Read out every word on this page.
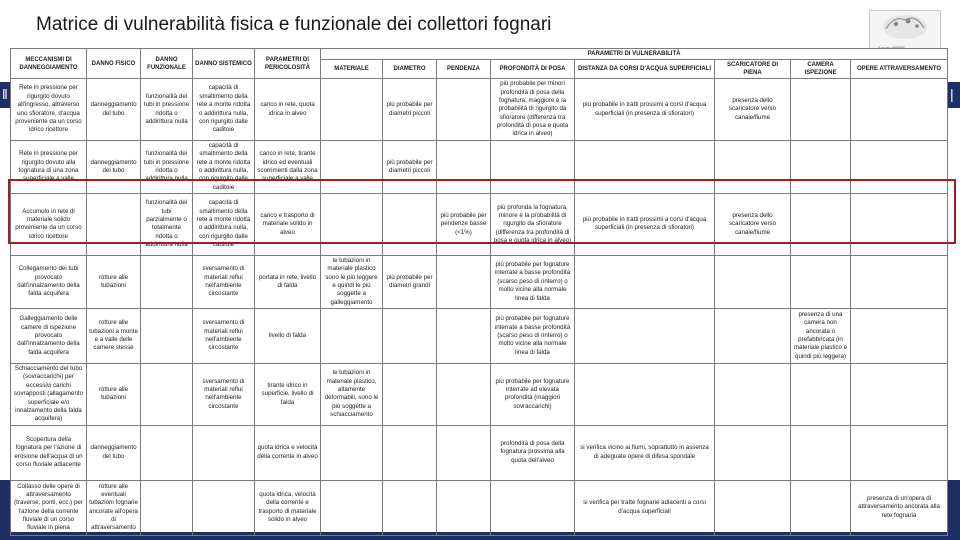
‖	|
Matrice di vulnerabilità fisica e funzionale dei collettori fognari
MECCANISMI DI DANNEGGIAMENTO	DANNO FISICO	DANNO FUNZIONALE	DANNO SISTEMICO	PARAMETRI DI PERICOLOSITÀ	PARAMETRI DI VULNERABILITÀ							
					MATERIALE	DIAMETRO	PENDENZA	PROFONDITÀ DI POSA	DISTANZA DA CORSI D'ACQUA SUPERFICIALI	SCARICATORE DI PIENA	CAMERA ISPEZIONE	OPERE ATTRAVERSAMENTO
Rete in pressione per rigurgito dovuto all'ingresso, attraverso uno sfioratore, d'acqua proveniente da un corso idrico ricettore	danneggiamento del tubo	funzionalità dei tubi in pressione ridotta o addirittura nulla	capacità di smaltimento della rete a monte ridotta o addirittura nulla, con rigurgito dalle caditoie	carico in rete, quota idrica in alveo		più probabile per diametri piccoli		più probabile per minori profondità di posa della fognatura, maggiore è la probabilità di rigurgito da sfioratore (differenza tra profondità di posa e quota idrica in alveo)	più probabile in tratti prossimi a corsi d'acqua superficiali (in presenza di sfioratori)	presenza dello scaricatore verso canale/fiume		
Rete in pressione per rigurgito dovuto alla fognatura di una zona superficiale a valle	danneggiamento del tubo	funzionalità dei tubi in pressione ridotta o addirittura nulla	capacità di smaltimento della rete a monte ridotta o addirittura nulla, con rigurgito dalle caditoie	carico in rete, tirante idrico ed eventuali scorrimenti dalla zona superficiale a valle		più probabile per diametri piccoli						
Accumulo in rete di materiale solido proveniente da un corso idrico ricettore		funzionalità dei tubi parzialmente o totalmente ridotta o addirittura nulla	capacità di smaltimento della rete a monte ridotta o addirittura nulla, con rigurgito dalle caditoie	carico e trasporto di materiale solido in alveo			più probabile per pendenze basse (<1%)	più profonda la fognatura, minore è la probabilità di rigurgito da sfioratore (differenza tra profondità di posa e quota idrica in alveo)	più probabile in tratti prossimi a corsi d'acqua superficiali (in presenza di sfioratori)	presenza dello scaricatore verso canale/fiume		
Collegamento dei tubi provocato dall'innalzamento della falda acquifera	rotture alle tubazioni		sversamento di materiali reflui nell'ambiente circostante	portata in rete, livello di falda	le tubazioni in materiale plastico sono le più leggere e quindi le più soggette a galleggiamento	più probabile per diametri grandi		più probabile per fognature interrate a basse profondità (scarso peso di rinterro) o molto vicine alla normale linea di falda				
Galleggiamento delle camere di ispezione provocato dall'innalzamento della falda acquifera	rotture alle tubazioni a monte e a valle delle camere stesse		sversamento di materiali reflui nell'ambiente circostante	livello di falda				più probabile per fognature interrate a basse profondità (scarso peso di rinterro) o molto vicine alla normale linea di falda			presenza di una camera non ancorata o prefabbricata (in materiale plastico e quindi più leggera)	
Schiacciamento del tubo (sovraccarichi) per eccessivi carichi sovrapposti (allagamento superficiale e/o innalzamento della falda acquifera)	rotture alle tubazioni		sversamento di materiali reflui nell'ambiente circostante	tirante idrico in superficie, livello di falda	le tubazioni in materiale plastico, altamente deformabili, sono le più soggette a schiacciamento			più probabile per fognature interrate ad elevata profondità (maggiori sovraccarichi)				
Scopertura della fognatura per l'azione di erosione dell'acqua di un corso fluviale adiacente	danneggiamento del tubo			quota idrica e velocità della corrente in alveo				profondità di posa della fognatura prossima alla quota dell'alveo	si verifica vicino ai fiumi, soprattutto in assenza di adeguate opere di difesa spondale			
Collasso delle opere di attraversamento (traverse, ponti, ecc.) per l'azione della corrente fluviale di un corso fluviale in piena	rotture alle eventuali tubazioni fognarie ancorate all'opera di attraversamento			quota idrica, velocità della corrente e trasporto di materiale solido in alveo					si verifica per tratte fognarie adiacenti a corsi d'acqua superficiali			presenza di un'opera di attraversamento ancorata alla rete fognaria
